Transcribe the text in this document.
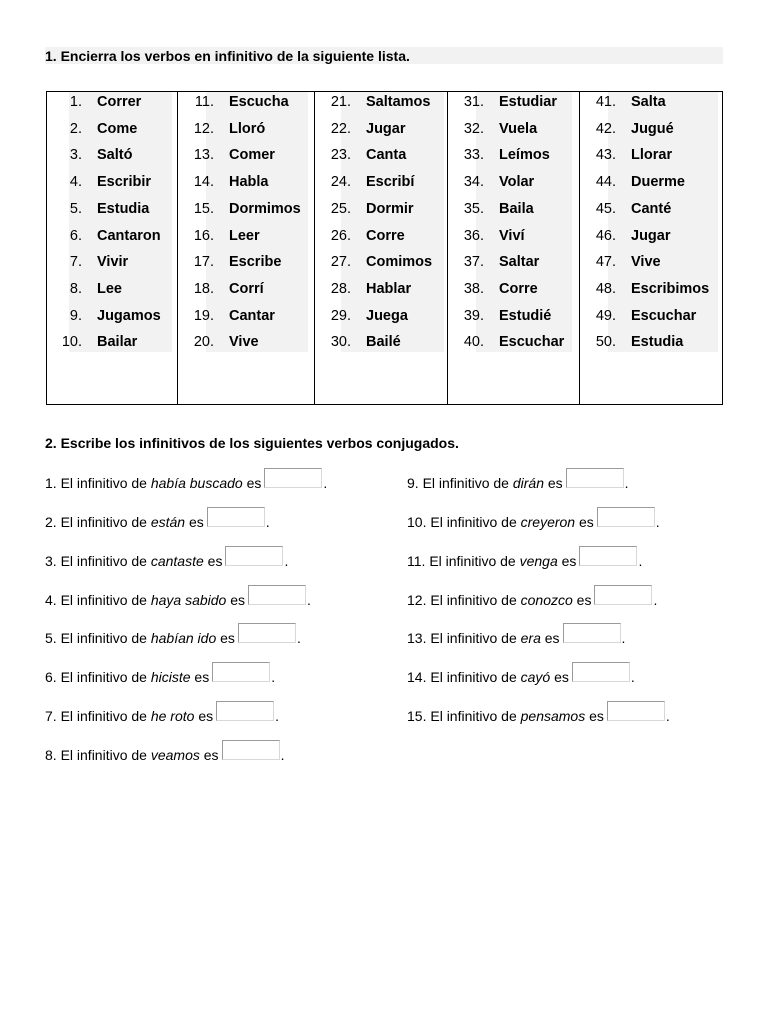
1. Encierra los verbos en infinitivo de la siguiente lista.
1. Correr
2. Come
3. Saltó
4. Escribir
5. Estudia
6. Cantaron
7. Vivir
8. Lee
9. Jugamos
10. Bailar
11. Escucha
12. Lloró
13. Comer
14. Habla
15. Dormimos
16. Leer
17. Escribe
18. Corrí
19. Cantar
20. Vive
21. Saltamos
22. Jugar
23. Canta
24. Escribí
25. Dormir
26. Corre
27. Comimos
28. Hablar
29. Juega
30. Bailé
31. Estudiar
32. Vuela
33. Leímos
34. Volar
35. Baila
36. Viví
37. Saltar
38. Corre
39. Estudié
40. Escuchar
41. Salta
42. Jugué
43. Llorar
44. Duerme
45. Canté
46. Jugar
47. Vive
48. Escribimos
49. Escuchar
50. Estudia
2. Escribe los infinitivos de los siguientes verbos conjugados.
1. El infinitivo de había buscado es	.
2. El infinitivo de están es	.
3. El infinitivo de cantaste es	.
4. El infinitivo de haya sabido es	.
5. El infinitivo de habían ido es	.
6. El infinitivo de hiciste es	.
7. El infinitivo de he roto es	.
8. El infinitivo de veamos es	.
9. El infinitivo de dirán es	.
10. El infinitivo de creyeron es	.
11. El infinitivo de venga es	.
12. El infinitivo de conozco es	.
13. El infinitivo de era es	.
14. El infinitivo de cayó es	.
15. El infinitivo de pensamos es	.
